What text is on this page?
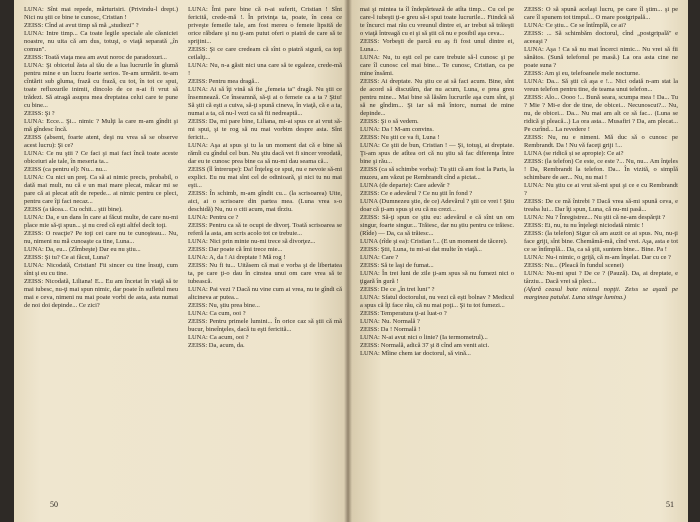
LUNA: Sînt mai repede, mărturisiri. (Privindu-l drept.) Nici nu ştii ce bine te cunosc, Cristian !

ZEISS: Cînd ai avut timp să mă „studiezi" ?

LUNA: Intre timp... Ca toate legile speciale ale căsniciei noastre, nu uita că am dus, totuşi, o viaţă separată „în comun".

ZEISS: Toată viaţa mea am avut noroc de paradoxuri...

LUNA: Şi obiceiul ăsta al tău de a lua lucrurile în glumă pentru mine e un lucru foarte serios. Te-am urmărit. te-am cîntărit sub gluma, frază cu frază, cu tot, în tot ce spui, toate refluxurile inimii, dincolo de ce n-ai fi vrut să trădezi. Să atragă asupra mea dreptatea celui care te pune cu bine...

ZEISS: Şi ?

LUNA: Ecce... Şi... nimic ? Mulţi la care m-am gîndit şi mă gîndesc încă.

ZEISS (absent, foarte atent, deşi nu vrea să se observe acest lucru): Şi ce?

LUNA: Ce nu ştii ? Ce faci şi mai faci încă toate aceste obiceiuri ale tale, în meseria ta...

ZEISS (ca pentru el): Nu... nu...

LUNA: Cu nici un preţ. Ca să ai nimic precis, probabil, o dată mai mult, nu că e un mai mare plecat, măcar mi se pare că ai plecat atît de repede... ai nimic pentru ce pleci, pentru care îţi faci necaz...

ZEISS (a tăcea... Cu ochii... ştii bine).

LUNA: Da, e un dans în care ai făcut multe, de care nu-mi place mie să-ţi spun... şi nu cred că eşti altfel decît toţi.

ZEISS: O reacţie? Pe toţi cei care nu te cunoşteau... Nu, nu, nimeni nu mă cunoaşte ca tine, Luna...

LUNA: Da, eu... (Zîmbeşte) Dar eu nu ştiu...

ZEISS: Şi tu? Ce ai făcut, Luna?

LUNA: Nicodată, Cristian! Fii sincer cu tine însuţi, cum sînt şi eu cu tine.

ZEISS: Nicodată, Liliana! E... Eu am încetat în viaţă să te mai iubesc, nu-ţi mai spun nimic, dar poate în sufletul meu mai e ceva, nimeni nu mai poate vorbi de asta, asta numai de noi doi depinde... Ce zici?

LUNA: Îmi pare bine că n-ai suferit, Cristian ! Sînt fericită, crede-mă !. În privinţa ta, poate, în ceea ce priveşte femeile tale, am fost mereu o femeie lipsită de orice răbdare şi nu ţi-am putut oferi o piatră de care să te sprijini...

ZEISS: Şi ce care credeam că sînt o piatră sigură, ca toţi ceilalţi...

LUNA: Nu, n-a găsit nici una care să te egaleze, crede-mă !

ZEISS: Pentru mea dragă...

LUNA: Ai să îţi vină să fie „femeia ta" dragă. Nu ştii ce însemnează. Ce înseamnă, să-ţi ai o femeie ca a ta ? Ştiu! Să ştii că eşti a cuiva, să-ţi spună cineva, în viaţă, că e a ta, numai a ta, că nu-l vezi ca să fii nedreaptă...

ZEISS: Da, mi pare bine, Liliana, mi-ai spus ce ai vrut să-mi spui, şi te rog să nu mai vorbim despre asta. Sînt fericit...

LUNA: Aşa ai spus şi tu la un moment dat că e bine să rămîi cu gîndul cel bun. Nu ştiu dacă vei fi sincer vreodată, dar eu te cunosc prea bine ca să nu-mi dau seama că...

ZEISS (îl întrerupe): Da! Înţeleg ce spui, nu e nevoie să-mi explici. Eu nu mai sînt cel de odinioară, şi nici tu nu mai eşti...

ZEISS: În schimb, m-am gîndit cu... (la scrisoarea) Uite, aici, ai o scrisoare din partea mea. (Luna vrea s-o deschidă) Nu, nu o citi acum, mai tîrziu.

LUNA: Pentru ce ?

ZEISS: Pentru ca să te ocupi de divorţ. Toată scrisoarea se referă la asta, am scris acolo tot ce trebuie...

LUNA: Nici prin minte nu-mi trece să divorţez...

ZEISS: Dar poate că îmi trece mie...

LUNA: A, da ! Ai dreptate ! Mă rog !

ZEISS: Nu fi tu... Uităsem că mai e vorba şi de libertatea ta, pe care ţi-o dau în cinstea unui om care vrea să te iubească.

LUNA: Pai vezi ? Dacă nu vine cum ai vrea, nu te gîndi că altcineva ar putea...

ZEISS: Nu, ştiu prea bine...

LUNA: Ca cum, ooi ?

ZEISS: Pentru primele lumini... În orice caz să ştii că mă bucur, bineînţeles, dacă tu eşti fericită...

LUNA: Ca acum, ooi ?

ZEISS: Da, acum, da.

50

mai şi mintea ta îl îndepărtează de atîta timp... Cu cel pe care-l iubeşti ţi-e greu să-i spui toate lucrurile... Fiindcă să te încurci mai rău cu vreunul dintre ei, ar trebui să trăieşti o viaţă întreagă cu ei şi să ştii că nu e posibil aşa ceva...

ZEISS: Vorbeşti de parcă eu aş fi fost unul dintre ei, Luna...

LUNA: Nu, tu eşti cel pe care trebuie să-l cunosc şi pe care îl cunosc cel mai bine... Te cunosc, Cristian, ca pe mine însămi.

ZEISS: Ai dreptate. Nu ştiu ce ai să faci acum. Bine, sînt de acord să discutăm, dar nu acum, Luna, e prea greu pentru mine... Mai bine să lăsăm lucrurile aşa cum sînt, şi să ne gîndim... Şi iar să mă întorc, numai de mine depinde...

ZEISS: Şi o să vedem.

LUNA: Da ! M-am convins.

ZEISS: Nu ştii ce va fi, Luna !

LUNA: Ce ştii de bun, Cristian ! — Şi, totuşi, ai dreptate. Ţi-am spus de atîtea ori că nu ştiu să fac diferenţa între bine şi rău...

ZEISS (ca să schimbe vorba): Tu ştii că am fost la Paris, la muzeu, am văzut pe Rembrandt cînd a pictat...

LUNA (de departe): Care adevăr ?

ZEISS: Ce e adevărul ? Ce nu ştii în fond ?

LUNA (Dumnezeu ştie, de ce) Adevărul ? ştii ce vrei ! Ştiu doar că ţi-am spus şi eu că nu crezi...

ZEISS: Să-ţi spun ce ştiu eu: adevărul e că sînt un om singur, foarte singur... Trăiesc, dar nu ştiu pentru ce trăiesc. (Rîde) — Da, ca să trăiesc...

LUNA (rîde şi ea): Cristian !... (E un moment de tăcere).

ZEISS: Ştii, Luna, tu mi-ai dat multe în viaţă...

LUNA: Care ?

ZEISS: Să te laşi de fumat...

LUNA: În trei luni de zile ţi-am spus să nu fumezi nici o ţigară în gură !

ZEISS: De ce „în trei luni" ?

LUNA: Sfatul doctorului, nu vezi că eşti bolnav ? Medicul a spus că îţi face rău, că nu mai poţi... Şi tu tot fumezi...

ZEISS: Temperatura ţi-ai luat-o ?

LUNA: Nu. Normală ?

ZEISS: Da ! Normală !

LUNA: N-ai avut nici o linie? (Ia termometrul)...

ZEISS: Normală, adică 37 şi 8 cînd am venit aici.

LUNA: Mîine chem iar doctorul, să vină...

ZEISS: O să spună acelaşi lucru, pe care îl ştim... şi pe care îl spunem tot timpul... O mare postgripală...

LUNA: Ce ştiu... Ce se întîmplă, ce ai?

ZEISS: ... Să schimbăm doctorul, cînd „postgripală" e aceeaşi ?

LUNA: Aşa ! Ca să nu mai încerci nimic... Nu vrei să fii sănătos. (Sună telefonul pe masă.) La ora asta cine ne poate suna ?

ZEISS: Am şi eu, telefoanele mele nocturne.

LUNA: Da... Să ştii că aşa e !... Nici odată n-am stat la vreun telefon pentru tine, de teama unui telefon...

ZEISS: Alo... Oooo !... Bună seara, scumpa mea ! Da... Tu ? Mie ? Mi-e dor de tine, de obicei... Necunoscut?... Nu, nu, de obicei... Da... Nu mai am alt ce să fac... (Luna se ridică şi pleacă...) La ora asta... Musafiri ? Da, am plecat... Pe curînd... La revedere !

ZEISS: Nu, nu e nimeni. Mă duc să o cunosc pe Rembrandt. Da ! Nu vă faceţi griji !...

LUNA (se ridică și se apropie): Ce ai?

ZEISS: (la telefon) Ce este, ce este ?... Nu, nu... Am înţeles ! Da, Rembrandt la telefon. Da... În vizită, o simplă schimbare de aer... Nu, nu mai !

LUNA: Nu ştiu ce ai vrut să-mi spui şi ce e cu Rembrandt ?

ZEISS: De ce mă întrebi ? Dacă vrea să-mi spună ceva, e treaba lui... Dar îţi spun, Luna, că nu-mi pasă...

LUNA: Nu ? Înregistrez... Nu ştii că ne-am despărţit ?

ZEISS: Ei, nu, tu nu înţelegi niciodată nimic !

ZEISS: (la telefon) Sigur că am auzit ce ai spus. Nu, nu-ţi face griji, sînt bine. Chemămă-mă, cînd vrei. Aşa, asta e tot ce se întîmplă... Da, ca să ştii, suntem bine... Bine. Pa !

LUNA: Nu-i nimic, o grijă, că m-am înşelat. Dar cu ce ?

ZEISS: Nu... (Pleacă în fundul scenei)

LUNA: Nu-mi spui ? De ce ? (Pauză). Da, ai dreptate, e târziu... Dacă vrei să pleci...

(Afară ceasul bate miezul nopţii. Zeiss se aşază pe marginea patului. Luna stinge lumina.)

51
